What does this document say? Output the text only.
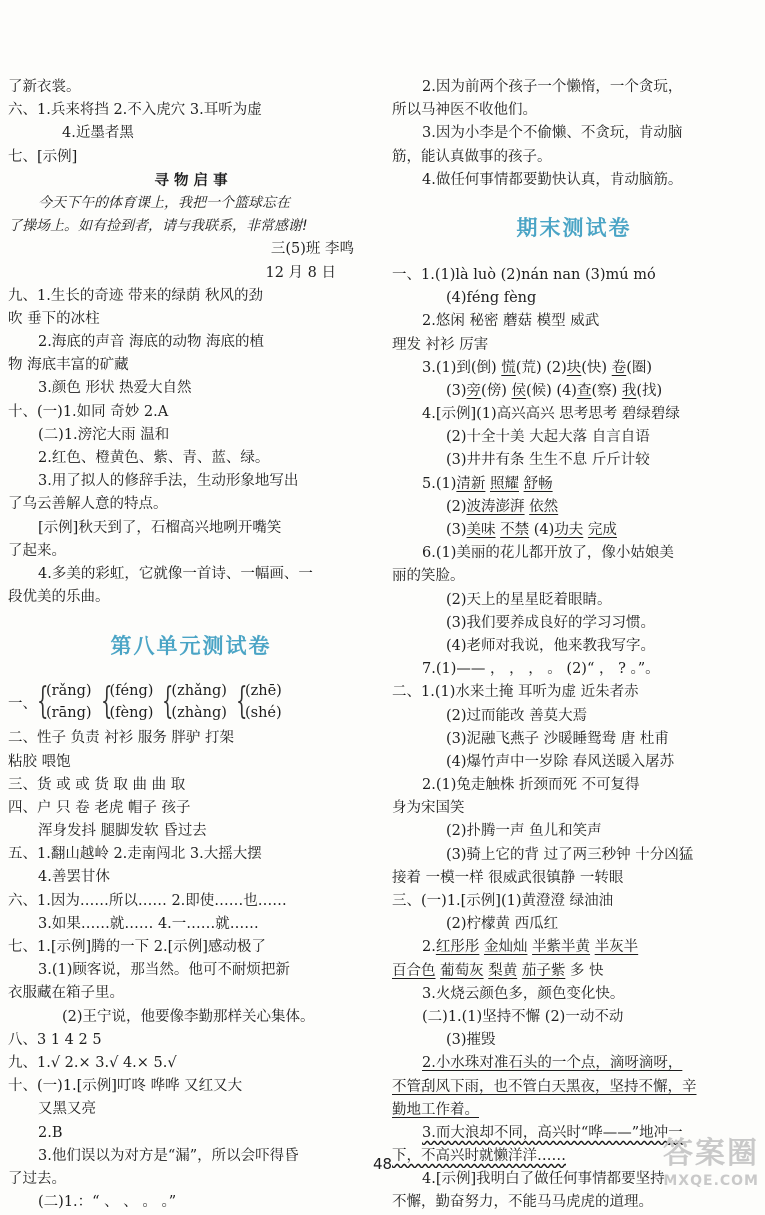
了新衣裳。
六、1.兵来将挡 2.不入虎穴 3.耳听为虚
4.近墨者黑
七、[示例]
寻 物 启 事
今天下午的体育课上，我把一个篮球忘在
了操场上。如有捡到者，请与我联系，非常感谢!
三(5)班 李鸣
12 月 8 日
九、1.生长的奇迹 带来的绿荫 秋风的劲
吹 垂下的冰柱
2.海底的声音 海底的动物 海底的植
物 海底丰富的矿藏
3.颜色 形状 热爱大自然
十、(一)1.如同 奇妙 2.A
(二)1.滂沱大雨 温和
2.红色、橙黄色、紫、青、蓝、绿。
3.用了拟人的修辞手法，生动形象地写出
了乌云善解人意的特点。
[示例]秋天到了，石榴高兴地咧开嘴笑
了起来。
4.多美的彩虹，它就像一首诗、一幅画、一
段优美的乐曲。
第八单元测试卷
一、 {
(rǎng)
(rāng) {
(féng)
(fèng) {
(zhǎng)
(zhàng) {
(zhē)
(shé)
二、性子 负责 衬衫 服务 胖驴 打架
粘胶 喂饱
三、货 或 或 货 取 曲 曲 取
四、户 只 卷 老虎 帽子 孩子
浑身发抖 腿脚发软 昏过去
五、1.翻山越岭 2.走南闯北 3.大摇大摆
4.善罢甘休
六、1.因为……所以…… 2.即使……也……
3.如果……就…… 4.一……就……
七、1.[示例]腾的一下 2.[示例]感动极了
3.(1)顾客说，那当然。他可不耐烦把新
衣服藏在箱子里。
(2)王宁说，他要像李勤那样关心集体。
八、3 1 4 2 5
九、1.√ 2.× 3.√ 4.× 5.√
十、(一)1.[示例]叮咚 哗哗 又红又大
又黑又亮
2.B
3.他们误以为对方是“漏”，所以会吓得昏
了过去。
(二)1.：“ 、 、 。 。”
2.因为前两个孩子一个懒惰，一个贪玩，
所以马神医不收他们。
3.因为小李是个不偷懒、不贪玩，肯动脑
筋，能认真做事的孩子。
4.做任何事情都要勤快认真，肯动脑筋。
期末测试卷
一、1.(1)là luò (2)nán nan (3)mú mó
(4)féng fèng
2.悠闲 秘密 蘑菇 模型 威武
理发 衬衫 厉害
3.(1)到(倒) 慌(荒) (2)块(快) 卷(圈)
(3)旁(傍) 侯(候) (4)查(察) 我(找)
4.[示例](1)高兴高兴 思考思考 碧绿碧绿
(2)十全十美 大起大落 自言自语
(3)井井有条 生生不息 斤斤计较
5.(1)清新 照耀 舒畅
(2)波涛澎湃 依然
(3)美味 不禁 (4)功夫 完成
6.(1)美丽的花儿都开放了，像小姑娘美
丽的笑脸。
(2)天上的星星眨着眼睛。
(3)我们要养成良好的学习习惯。
(4)老师对我说，他来教我写字。
7.(1)—— ， ， ， 。 (2)“ ， ? 。”。
二、1.(1)水来土掩 耳听为虚 近朱者赤
(2)过而能改 善莫大焉
(3)泥融飞燕子 沙暖睡鸳鸯 唐 杜甫
(4)爆竹声中一岁除 春风送暖入屠苏
2.(1)兔走触株 折颈而死 不可复得
身为宋国笑
(2)扑腾一声 鱼儿和笑声
(3)骑上它的背 过了两三秒钟 十分凶猛
接着 一模一样 很威武很镇静 一转眼
三、(一)1.[示例](1)黄澄澄 绿油油
(2)柠檬黄 西瓜红
2.红彤彤 金灿灿 半紫半黄 半灰半
百合色 葡萄灰 梨黄 茄子紫 多 快
3.火烧云颜色多，颜色变化快。
(二)1.(1)坚持不懈 (2)一动不动
(3)摧毁
2.小水珠对准石头的一个点，滴呀滴呀，
不管刮风下雨，也不管白天黑夜，坚持不懈，辛
勤地工作着。
3.而大浪却不同，高兴时“哗——”地冲一
下，不高兴时就懒洋洋……
4.[示例]我明白了做任何事情都要坚持
不懈，勤奋努力，不能马马虎虎的道理。
48	答案圈
MXQE.COM
